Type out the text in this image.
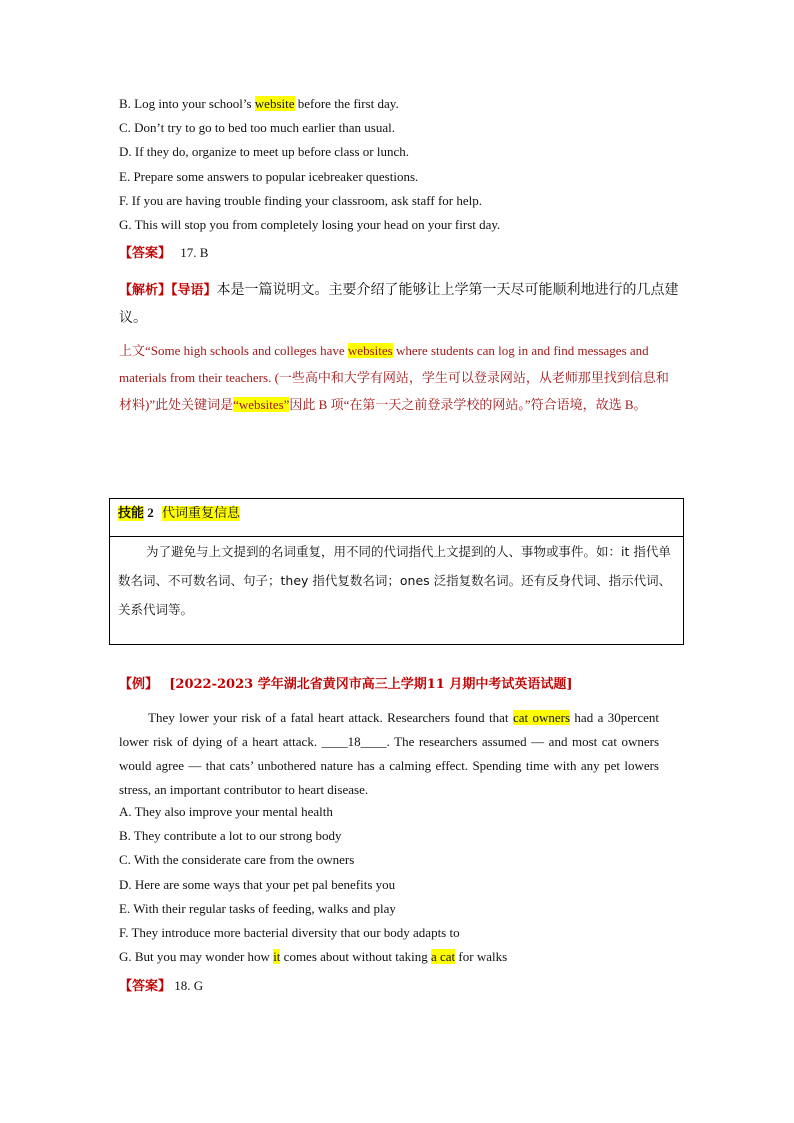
B. Log into your school’s website before the first day.
C. Don’t try to go to bed too much earlier than usual.
D. If they do, organize to meet up before class or lunch.
E. Prepare some answers to popular icebreaker questions.
F. If you are having trouble finding your classroom, ask staff for help.
G. This will stop you from completely losing your head on your first day.
【答案】 17. B
【解析】【导语】本是一篇说明文。主要介绍了能够让上学第一天尽可能顺利地进行的几点建议。
上文“Some high schools and colleges have websites where students can log in and find messages and materials from their teachers. (一些高中和大学有网站，学生可以登录网站，从老师那里找到信息和材料)”此处关键词是“websites”因此 B 项“在第一天之前登录学校的网站。”符合语境，故选 B。
技能 2 代词重复信息
为了避免与上文提到的名词重复，用不同的代词指代上文提到的人、事物或事件。如：it 指代单数名词、不可数名词、句子；they 指代复数名词；ones 泛指复数名词。还有反身代词、指示代词、关系代词等。
【例】 [2022-2023 学年湖北省黄冈市高三上学期11 月期中考试英语试题]
They lower your risk of a fatal heart attack. Researchers found that cat owners had a 30percent lower risk of dying of a heart attack. ____18____. The researchers assumed — and most cat owners would agree — that cats’ unbothered nature has a calming effect. Spending time with any pet lowers stress, an important contributor to heart disease.
A. They also improve your mental health
B. They contribute a lot to our strong body
C. With the considerate care from the owners
D. Here are some ways that your pet pal benefits you
E. With their regular tasks of feeding, walks and play
F. They introduce more bacterial diversity that our body adapts to
G. But you may wonder how it comes about without taking a cat for walks
【答案】 18. G
